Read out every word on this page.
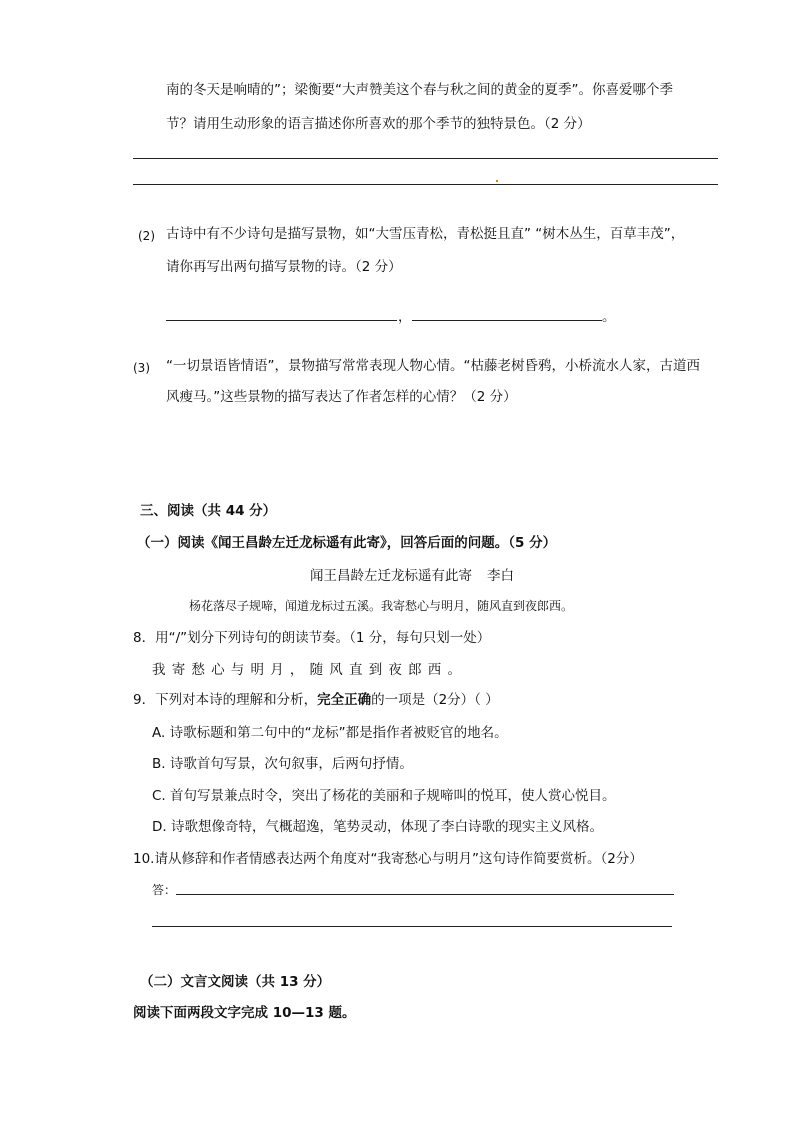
南的冬天是响晴的”；梁衡要“大声赞美这个春与秋之间的黄金的夏季”。你喜爱哪个季
节？请用生动形象的语言描述你所喜欢的那个季节的独特景色。（2 分）
(2) 古诗中有不少诗句是描写景物，如“大雪压青松，青松挺且直” “树木丛生，百草丰茂”，
请你再写出两句描写景物的诗。（2 分）
，	。
(3) “一切景语皆情语”，景物描写常常表现人物心情。“枯藤老树昏鸦，小桥流水人家，古道西
风瘦马。”这些景物的描写表达了作者怎样的心情？（2 分）
三、阅读（共 44 分）
（一）阅读《闻王昌龄左迁龙标遥有此寄》，回答后面的问题。（5 分）
闻王昌龄左迁龙标遥有此寄 李白
杨花落尽子规啼，闻道龙标过五溪。我寄愁心与明月，随风直到夜郎西。
8．用“/”划分下列诗句的朗读节奏。（1 分，每句只划一处）
我寄愁心与明月，随风直到夜郎西。
9．下列对本诗的理解和分析，完全正确的一项是（2分）（ ）
A. 诗歌标题和第二句中的“龙标”都是指作者被贬官的地名。
B. 诗歌首句写景，次句叙事，后两句抒情。
C. 首句写景兼点时令，突出了杨花的美丽和子规啼叫的悦耳，使人赏心悦目。
D. 诗歌想像奇特，气概超逸，笔势灵动，体现了李白诗歌的现实主义风格。
10.请从修辞和作者情感表达两个角度对“我寄愁心与明月”这句诗作简要赏析。（2分）
答：
（二）文言文阅读（共 13 分）
阅读下面两段文字完成 10—13 题。
